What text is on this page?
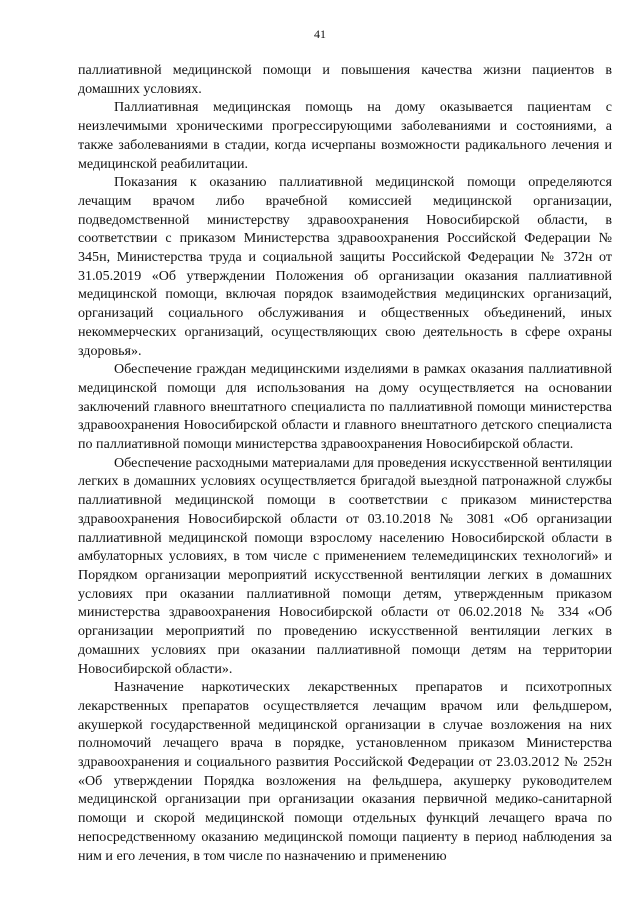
41

паллиативной медицинской помощи и повышения качества жизни пациентов в домашних условиях.

Паллиативная медицинская помощь на дому оказывается пациентам с неизлечимыми хроническими прогрессирующими заболеваниями и состояниями, а также заболеваниями в стадии, когда исчерпаны возможности радикального лечения и медицинской реабилитации.

Показания к оказанию паллиативной медицинской помощи определяются лечащим врачом либо врачебной комиссией медицинской организации, подведомственной министерству здравоохранения Новосибирской области, в соответствии с приказом Министерства здравоохранения Российской Федерации № 345н, Министерства труда и социальной защиты Российской Федерации № 372н от 31.05.2019 «Об утверждении Положения об организации оказания паллиативной медицинской помощи, включая порядок взаимодействия медицинских организаций, организаций социального обслуживания и общественных объединений, иных некоммерческих организаций, осуществляющих свою деятельность в сфере охраны здоровья».

Обеспечение граждан медицинскими изделиями в рамках оказания паллиативной медицинской помощи для использования на дому осуществляется на основании заключений главного внештатного специалиста по паллиативной помощи министерства здравоохранения Новосибирской области и главного внештатного детского специалиста по паллиативной помощи министерства здравоохранения Новосибирской области.

Обеспечение расходными материалами для проведения искусственной вентиляции легких в домашних условиях осуществляется бригадой выездной патронажной службы паллиативной медицинской помощи в соответствии с приказом министерства здравоохранения Новосибирской области от 03.10.2018 № 3081 «Об организации паллиативной медицинской помощи взрослому населению Новосибирской области в амбулаторных условиях, в том числе с применением телемедицинских технологий» и Порядком организации мероприятий искусственной вентиляции легких в домашних условиях при оказании паллиативной помощи детям, утвержденным приказом министерства здравоохранения Новосибирской области от 06.02.2018 № 334 «Об организации мероприятий по проведению искусственной вентиляции легких в домашних условиях при оказании паллиативной помощи детям на территории Новосибирской области».

Назначение наркотических лекарственных препаратов и психотропных лекарственных препаратов осуществляется лечащим врачом или фельдшером, акушеркой государственной медицинской организации в случае возложения на них полномочий лечащего врача в порядке, установленном приказом Министерства здравоохранения и социального развития Российской Федерации от 23.03.2012 № 252н «Об утверждении Порядка возложения на фельдшера, акушерку руководителем медицинской организации при организации оказания первичной медико-санитарной помощи и скорой медицинской помощи отдельных функций лечащего врача по непосредственному оказанию медицинской помощи пациенту в период наблюдения за ним и его лечения, в том числе по назначению и применению
